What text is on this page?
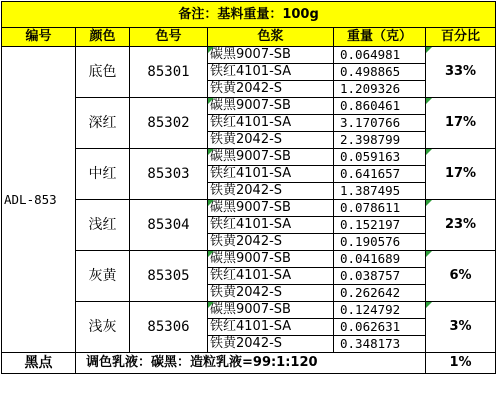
备注：基料重量：100g					
编号	颜色	色号	色浆	重量（克）	百分比
ADL-853	底色	85301	碳黑9007-SB	0.064981	33%
			铁红4101-SA	0.498865	
			铁黄2042-S	1.209326	
	深红	85302	碳黑9007-SB	0.860461	17%
			铁红4101-SA	3.170766	
			铁黄2042-S	2.398799	
	中红	85303	碳黑9007-SB	0.059163	17%
			铁红4101-SA	0.641657	
			铁黄2042-S	1.387495	
	浅红	85304	碳黑9007-SB	0.078611	23%
			铁红4101-SA	0.152197	
			铁黄2042-S	0.190576	
	灰黄	85305	碳黑9007-SB	0.041689	6%
			铁红4101-SA	0.038757	
			铁黄2042-S	0.262642	
	浅灰	85306	碳黑9007-SB	0.124792	3%
			铁红4101-SA	0.062631	
			铁黄2042-S	0.348173	
黑点	调色乳液：碳黑：造粒乳液=99:1:120				1%
